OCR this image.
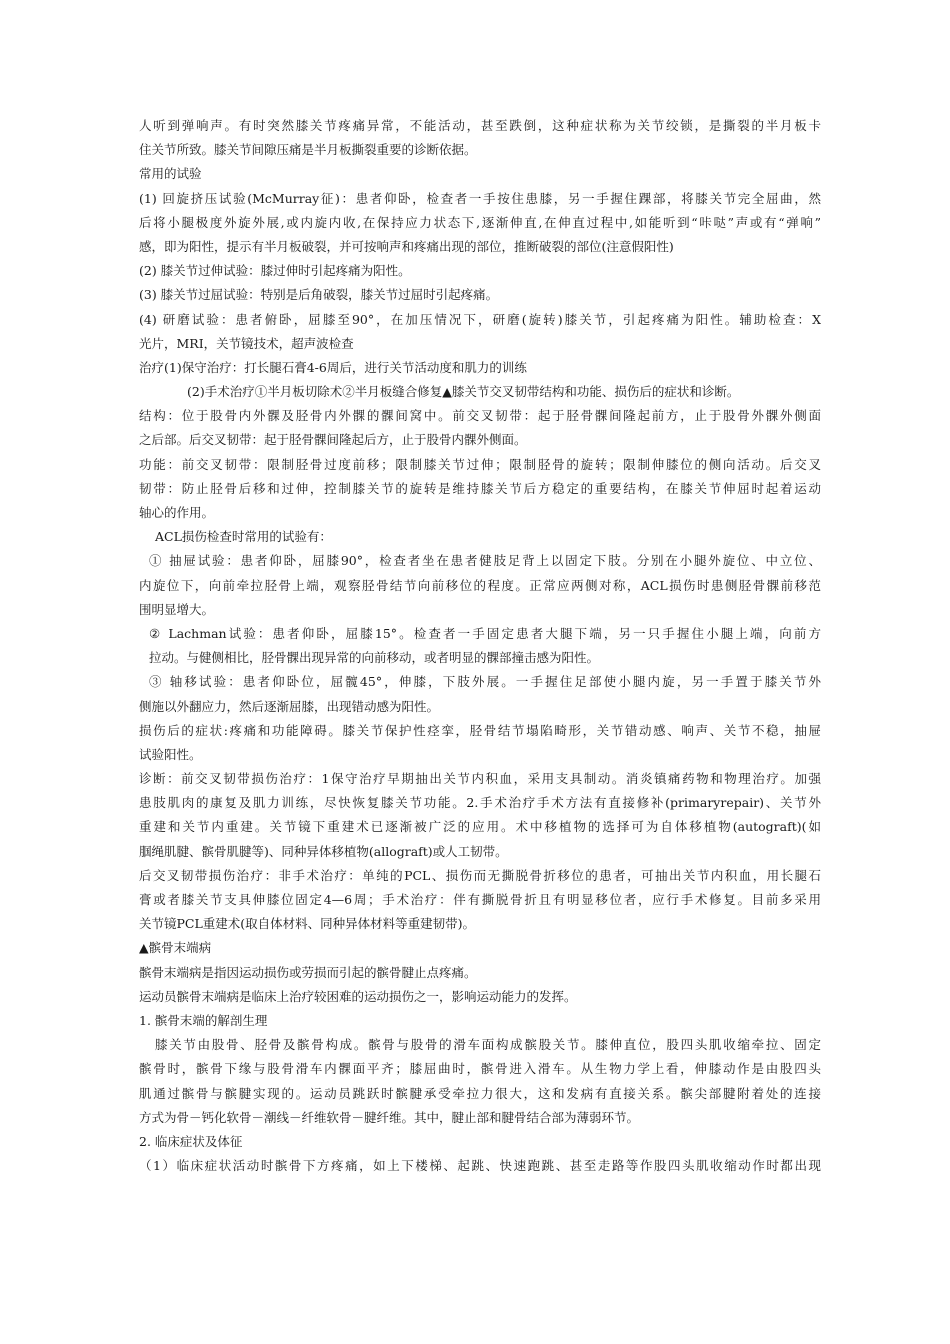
人听到弹响声。有时突然膝关节疼痛异常，不能活动，甚至跌倒，这种症状称为关节绞锁，是撕裂的半月板卡
住关节所致。膝关节间隙压痛是半月板撕裂重要的诊断依据。
常用的试验
(1) 回旋挤压试验(McMurray征)：患者仰卧，检查者一手按住患膝，另一手握住踝部，将膝关节完全屈曲，然
后将小腿极度外旋外展,或内旋内收,在保持应力状态下,逐渐伸直,在伸直过程中,如能听到“咔哒”声或有“弹响”
感，即为阳性，提示有半月板破裂，并可按响声和疼痛出现的部位，推断破裂的部位(注意假阳性)
(2) 膝关节过伸试验：膝过伸时引起疼痛为阳性。
(3) 膝关节过屈试验：特别是后角破裂，膝关节过屈时引起疼痛。
(4) 研磨试验：患者俯卧，屈膝至90°，在加压情况下，研磨(旋转)膝关节，引起疼痛为阳性。辅助检查：X
光片，MRI，关节镜技术，超声波检查
治疗(1)保守治疗：打长腿石膏4-6周后，进行关节活动度和肌力的训练
(2)手术治疗①半月板切除术②半月板缝合修复▲膝关节交叉韧带结构和功能、损伤后的症状和诊断。
结构：位于股骨内外髁及胫骨内外髁的髁间窝中。前交叉韧带：起于胫骨髁间隆起前方，止于股骨外髁外侧面
之后部。后交叉韧带：起于胫骨髁间隆起后方，止于股骨内髁外侧面。
功能：前交叉韧带：限制胫骨过度前移；限制膝关节过伸；限制胫骨的旋转；限制伸膝位的侧向活动。后交叉
韧带：防止胫骨后移和过伸，控制膝关节的旋转是维持膝关节后方稳定的重要结构，在膝关节伸屈时起着运动
轴心的作用。
ACL损伤检查时常用的试验有：
① 抽屉试验：患者仰卧，屈膝90°，检查者坐在患者健肢足背上以固定下肢。分别在小腿外旋位、中立位、
内旋位下，向前牵拉胫骨上端，观察胫骨结节向前移位的程度。正常应两侧对称，ACL损伤时患侧胫骨髁前移范
围明显增大。
② Lachman试验：患者仰卧，屈膝15°。检查者一手固定患者大腿下端，另一只手握住小腿上端，向前方
拉动。与健侧相比，胫骨髁出现异常的向前移动，或者明显的髁部撞击感为阳性。
③ 轴移试验：患者仰卧位，屈髋45°，伸膝，下肢外展。一手握住足部使小腿内旋，另一手置于膝关节外
侧施以外翻应力，然后逐渐屈膝，出现错动感为阳性。
损伤后的症状:疼痛和功能障碍。膝关节保护性痉挛，胫骨结节塌陷畸形，关节错动感、响声、关节不稳，抽屉
试验阳性。
诊断：前交叉韧带损伤治疗：1保守治疗早期抽出关节内积血，采用支具制动。消炎镇痛药物和物理治疗。加强
患肢肌肉的康复及肌力训练，尽快恢复膝关节功能。2.手术治疗手术方法有直接修补(primaryrepair)、关节外
重建和关节内重建。关节镜下重建术已逐渐被广泛的应用。术中移植物的选择可为自体移植物(autograft)(如
腘绳肌腱、髌骨肌腱等)、同种异体移植物(allograft)或人工韧带。
后交叉韧带损伤治疗：非手术治疗：单纯的PCL、损伤而无撕脱骨折移位的患者，可抽出关节内积血，用长腿石
膏或者膝关节支具伸膝位固定4—6周；手术治疗：伴有撕脱骨折且有明显移位者，应行手术修复。目前多采用
关节镜PCL重建术(取自体材料、同种异体材料等重建韧带)。
▲髌骨末端病
髌骨末端病是指因运动损伤或劳损而引起的髌骨腱止点疼痛。
运动员髌骨末端病是临床上治疗较困难的运动损伤之一，影响运动能力的发挥。
1. 髌骨末端的解剖生理
膝关节由股骨、胫骨及髌骨构成。髌骨与股骨的滑车面构成髌股关节。膝伸直位，股四头肌收缩牵拉、固定
髌骨时，髌骨下缘与股骨滑车内髁面平齐；膝屈曲时，髌骨进入滑车。从生物力学上看，伸膝动作是由股四头
肌通过髌骨与髌腱实现的。运动员跳跃时髌腱承受牵拉力很大，这和发病有直接关系。髌尖部腱附着处的连接
方式为骨－钙化软骨－潮线－纤维软骨－腱纤维。其中，腱止部和腱骨结合部为薄弱环节。
2. 临床症状及体征
（1）临床症状活动时髌骨下方疼痛，如上下楼梯、起跳、快速跑跳、甚至走路等作股四头肌收缩动作时都出现
